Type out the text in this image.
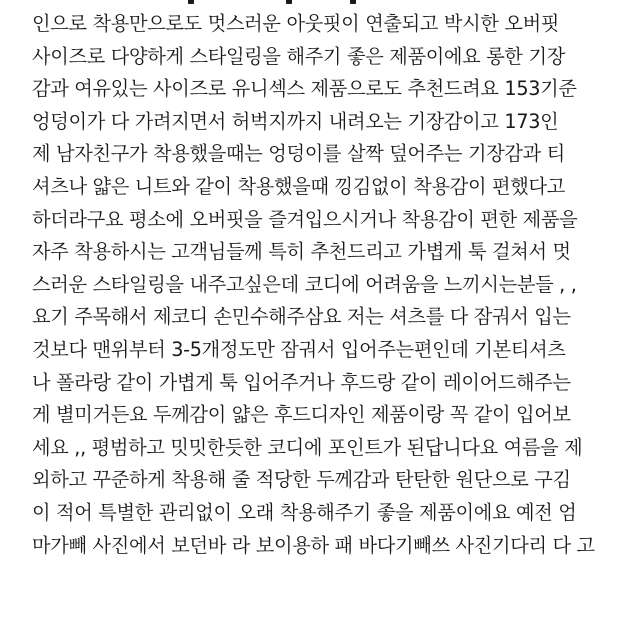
인으로 착용만으로도 멋스러운 아웃핏이 연출되고 박시한 오버핏
사이즈로 다양하게 스타일링을 해주기 좋은 제품이에요 롱한 기장
감과 여유있는 사이즈로 유니섹스 제품으로도 추천드려요 153기준
엉덩이가 다 가려지면서 허벅지까지 내려오는 기장감이고 173인
제 남자친구가 착용했을때는 엉덩이를 살짝 덮어주는 기장감과 티
셔츠나 얇은 니트와 같이 착용했을때 낑김없이 착용감이 편했다고
하더라구요 평소에 오버핏을 즐겨입으시거나 착용감이 편한 제품을
자주 착용하시는 고객님들께 특히 추천드리고 가볍게 툭 걸쳐서 멋
스러운 스타일링을 내주고싶은데 코디에 어려움을 느끼시는분들 , ,
요기 주목해서 제코디 손민수해주삼요 저는 셔츠를 다 잠궈서 입는
것보다 맨위부터 3-5개정도만 잠궈서 입어주는편인데 기본티셔츠
나 폴라랑 같이 가볍게 툭 입어주거나 후드랑 같이 레이어드해주는
게 별미거든요 두께감이 얇은 후드디자인 제품이랑 꼭 같이 입어보
세요 ,, 평범하고 밋밋한듯한 코디에 포인트가 된답니다요 여름을 제
외하고 꾸준하게 착용해 줄 적당한 두께감과 탄탄한 원단으로 구김
이 적어 특별한 관리없이 오래 착용해주기 좋을 제품이에요 예전 엄
마가빼 사진에서 보던바 라 보이용하 패 바다기빼쓰 사진기다리 다 고
